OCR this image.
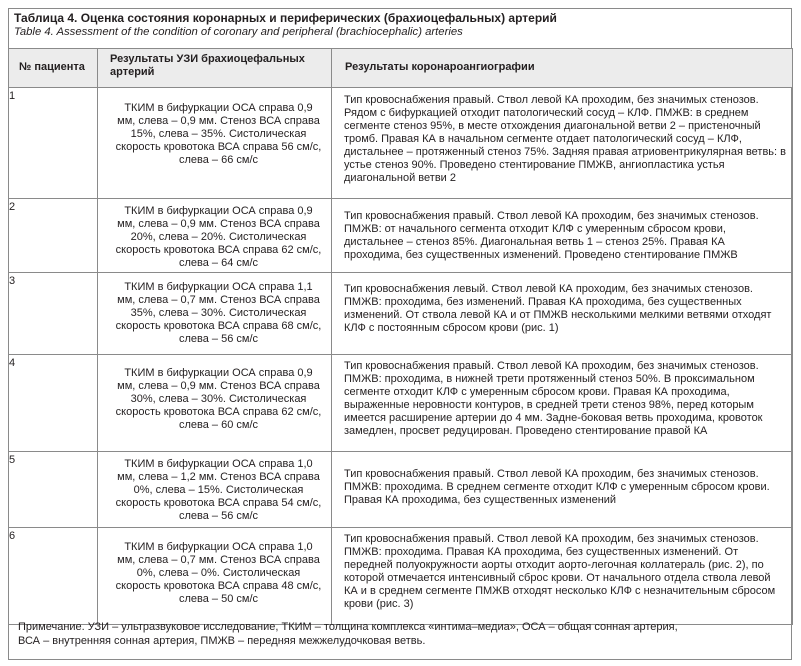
Таблица 4. Оценка состояния коронарных и периферических (брахиоцефальных) артерий
Table 4. Assessment of the condition of coronary and peripheral (brachiocephalic) arteries
№ пациента	Результаты УЗИ брахиоцефальных артерий	Результаты коронароангиографии

1	ТКИМ в бифуркации ОСА справа 0,9 мм, слева – 0,9 мм. Стеноз ВСА справа 15%, слева – 35%. Систолическая скорость кровотока ВСА справа 56 см/с, слева – 66 см/с	Тип кровоснабжения правый. Ствол левой КА проходим, без значимых стенозов. Рядом с бифуркацией отходит патологический сосуд – КЛФ. ПМЖВ: в среднем сегменте стеноз 95%, в месте отхождения диагональной ветви 2 – пристеночный тромб. Правая КА в начальном сегменте отдает патологический сосуд – КЛФ, дистальнее – протяженный стеноз 75%. Задняя правая атриовентрикулярная ветвь: в устье стеноз 90%. Проведено стентирование ПМЖВ, ангиопластика устья диагональной ветви 2

2	ТКИМ в бифуркации ОСА справа 0,9 мм, слева – 0,9 мм. Стеноз ВСА справа 20%, слева – 20%. Систолическая скорость кровотока ВСА справа 62 см/с, слева – 64 см/с	Тип кровоснабжения правый. Ствол левой КА проходим, без значимых стенозов. ПМЖВ: от начального сегмента отходит КЛФ с умеренным сбросом крови, дистальнее – стеноз 85%. Диагональная ветвь 1 – стеноз 25%. Правая КА проходима, без существенных изменений. Проведено стентирование ПМЖВ

3	ТКИМ в бифуркации ОСА справа 1,1 мм, слева – 0,7 мм. Стеноз ВСА справа 35%, слева – 30%. Систолическая скорость кровотока ВСА справа 68 см/с, слева – 56 см/с	Тип кровоснабжения левый. Ствол левой КА проходим, без значимых стенозов. ПМЖВ: проходима, без изменений. Правая КА проходима, без существенных изменений. От ствола левой КА и от ПМЖВ несколькими мелкими ветвями отходят КЛФ с постоянным сбросом крови (рис. 1)

4	ТКИМ в бифуркации ОСА справа 0,9 мм, слева – 0,9 мм. Стеноз ВСА справа 30%, слева – 30%. Систолическая скорость кровотока ВСА справа 62 см/с, слева – 60 см/с	Тип кровоснабжения правый. Ствол левой КА проходим, без значимых стенозов. ПМЖВ: проходима, в нижней трети протяженный стеноз 50%. В проксимальном сегменте отходит КЛФ с умеренным сбросом крови. Правая КА проходима, выраженные неровности контуров, в средней трети стеноз 98%, перед которым имеется расширение артерии до 4 мм. Задне-боковая ветвь проходима, кровоток замедлен, просвет редуцирован. Проведено стентирование правой КА

5	ТКИМ в бифуркации ОСА справа 1,0 мм, слева – 1,2 мм. Стеноз ВСА справа 0%, слева – 15%. Систолическая скорость кровотока ВСА справа 54 см/с, слева – 56 см/с	Тип кровоснабжения правый. Ствол левой КА проходим, без значимых стенозов. ПМЖВ: проходима. В среднем сегменте отходит КЛФ с умеренным сбросом крови. Правая КА проходима, без существенных изменений

6	ТКИМ в бифуркации ОСА справа 1,0 мм, слева – 0,7 мм. Стеноз ВСА справа 0%, слева – 0%. Систолическая скорость кровотока ВСА справа 48 см/с, слева – 50 см/с	Тип кровоснабжения правый. Ствол левой КА проходим, без значимых стенозов. ПМЖВ: проходима. Правая КА проходима, без существенных изменений. От передней полуокружности аорты отходит аорто-легочная коллатераль (рис. 2), по которой отмечается интенсивный сброс крови. От начального отдела ствола левой КА и в среднем сегменте ПМЖВ отходят несколько КЛФ с незначительным сбросом крови (рис. 3)
Примечание. УЗИ – ультразвуковое исследование, ТКИМ – толщина комплекса «интима–медиа», ОСА – общая сонная артерия,
ВСА – внутренняя сонная артерия, ПМЖВ – передняя межжелудочковая ветвь.
